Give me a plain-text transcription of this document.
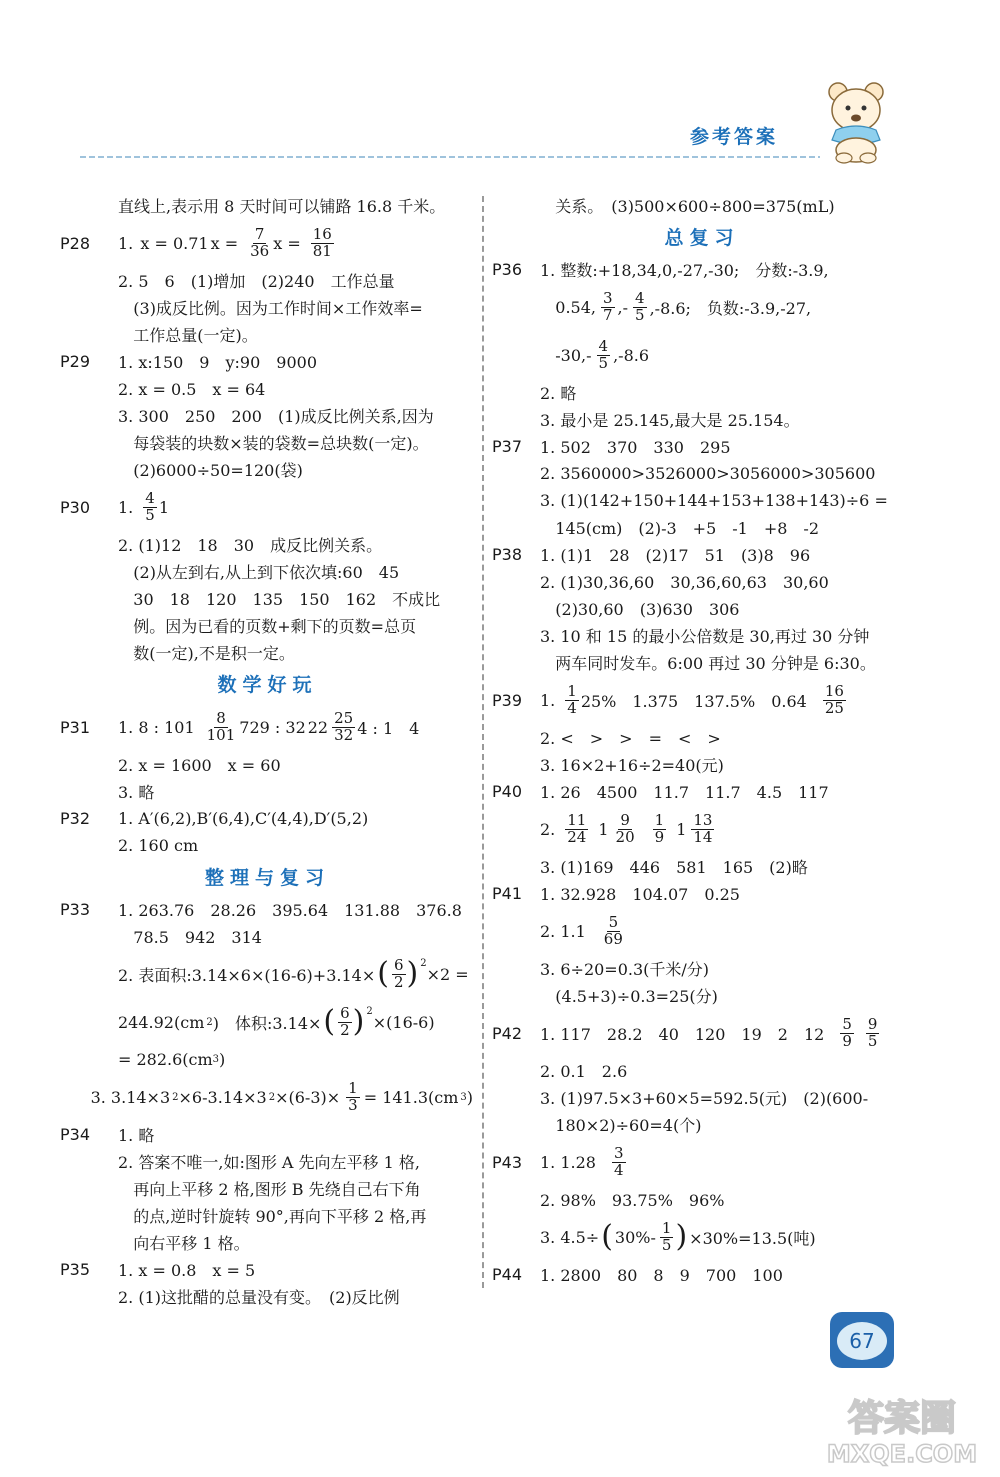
参考答案
直线上,表示用 8 天时间可以铺路 16.8 千米。
P28	1.
x = 0.71 $x = \frac{7}{36}$ $x = \frac{16}{81}$
2. 5　6　(1)增加　(2)240　工作总量

(3)成反比例。因为工作时间×工作效率=

工作总量(一定)。
P29	1. x:150　9　y:90　9000
2. x = 0.5　x = 64
3. 300　250　200　(1)成反比例关系,因为

每袋装的块数×装的袋数=总块数(一定)。

(2)6000÷50=120(袋)
P30	1. $\frac{4}{5} 1$
2. (1)12　18　30　成反比例关系。

(2)从左到右,从上到下依次填:60　45

30　18　120　135　150　162　不成比

例。因为已看的页数+剩下的页数=总页

数(一定),不是积一定。
数学好玩
P31	1. 8 : $101 \frac{8}{101} 729$ : 32 $22 \frac{25}{32} 4$ : 1　4
2. x = 1600　x = 60
3. 略
P32	1. A′(6,2),B′(6,4),C′(4,4),D′(5,2)
2. 160 cm
整理与复习
P33	1. 263.76　28.26　395.64　131.88　376.8

78.5　942　314
2. 表面积:3.14×6×(16-6)+3.14× ( $\frac{6}{2} )^2$
×2 =
244.92(cm 2 )　体积:3.14× ( $\frac{6}{2} )^2$
×(16-6)
= 282.6(cm 3 )
3. 3.14×3 2 ×6-3.14×3 $2 \times(6-3)\times \frac{1}{3} = 141.3(cm$ 3 )
P34	1. 略
2. 答案不唯一,如:图形 A 先向左平移 1 格,

再向上平移 2 格,图形 B 先绕自己右下角

的点,逆时针旋转 90°,再向下平移 2 格,再

向右平移 1 格。
P35	1. x = 0.8　x = 5
2. (1)这批醋的总量没有变。　(2)反比例

关系。　(3)500×600÷800=375(mL)
总复习
P36	1. 整数:+18,34,0,-27,-30;　分数:-3.9,

0.54, $\frac{3}{7}$ ,- $\frac{4}{5} ,-8.6$;　负数:-3.9,-27,

$-30,- \frac{4}{5} ,-8.6$
2. 略
3. 最小是 25.145,最大是 25.154。
P37	1. 502　370　330　295
2. 3560000>3526000>3056000>305600
3. (1)(142+150+144+153+138+143)÷6 =

145(cm)　(2)-3　+5　-1　+8　-2
P38	1. (1)1　28　(2)17　51　(3)8　96
2. (1)30,36,60　30,36,60,63　30,60

(2)30,60　(3)630　306
3. 10 和 15 的最小公倍数是 30,再过 30 分钟

两车同时发车。6:00 再过 30 分钟是 6:30。
P39	1. $\frac{1}{4} 25\%$　1.375　137.5%　$0.64 \frac{16}{25}$
2. <　>　>　=　<　>
3. 16×2+16÷2=40(元)
P40	1. 26　4500　11.7　11.7　4.5　117
2. $\frac{11}{24} 1 \frac{9}{20} \frac{1}{9} 1 \frac{13}{14}$
3. (1)169　446　581　165　(2)略
P41	1. 32.928　104.07　0.25
2. $1.1 \frac{5}{69}$
3. 6÷20=0.3(千米/分)

(4.5+3)÷0.3=25(分)
P42	1. 117　28.2　40　120　19　2　$12 \frac{5}{9} \frac{9}{5}$
2. 0.1　2.6
3. (1)97.5×3+60×5=592.5(元)　(2)(600-

180×2)÷60=4(个)
P43	1. $1.28 \frac{3}{4}$
2. 98%　93.75%　96%
3. 4.5÷ ( $30\%- \frac{1}{5}$ ) ×30%=13.5(吨)
P44	1. 2800　80　8　9　700　100
67
答案圈
MXQE.COM
